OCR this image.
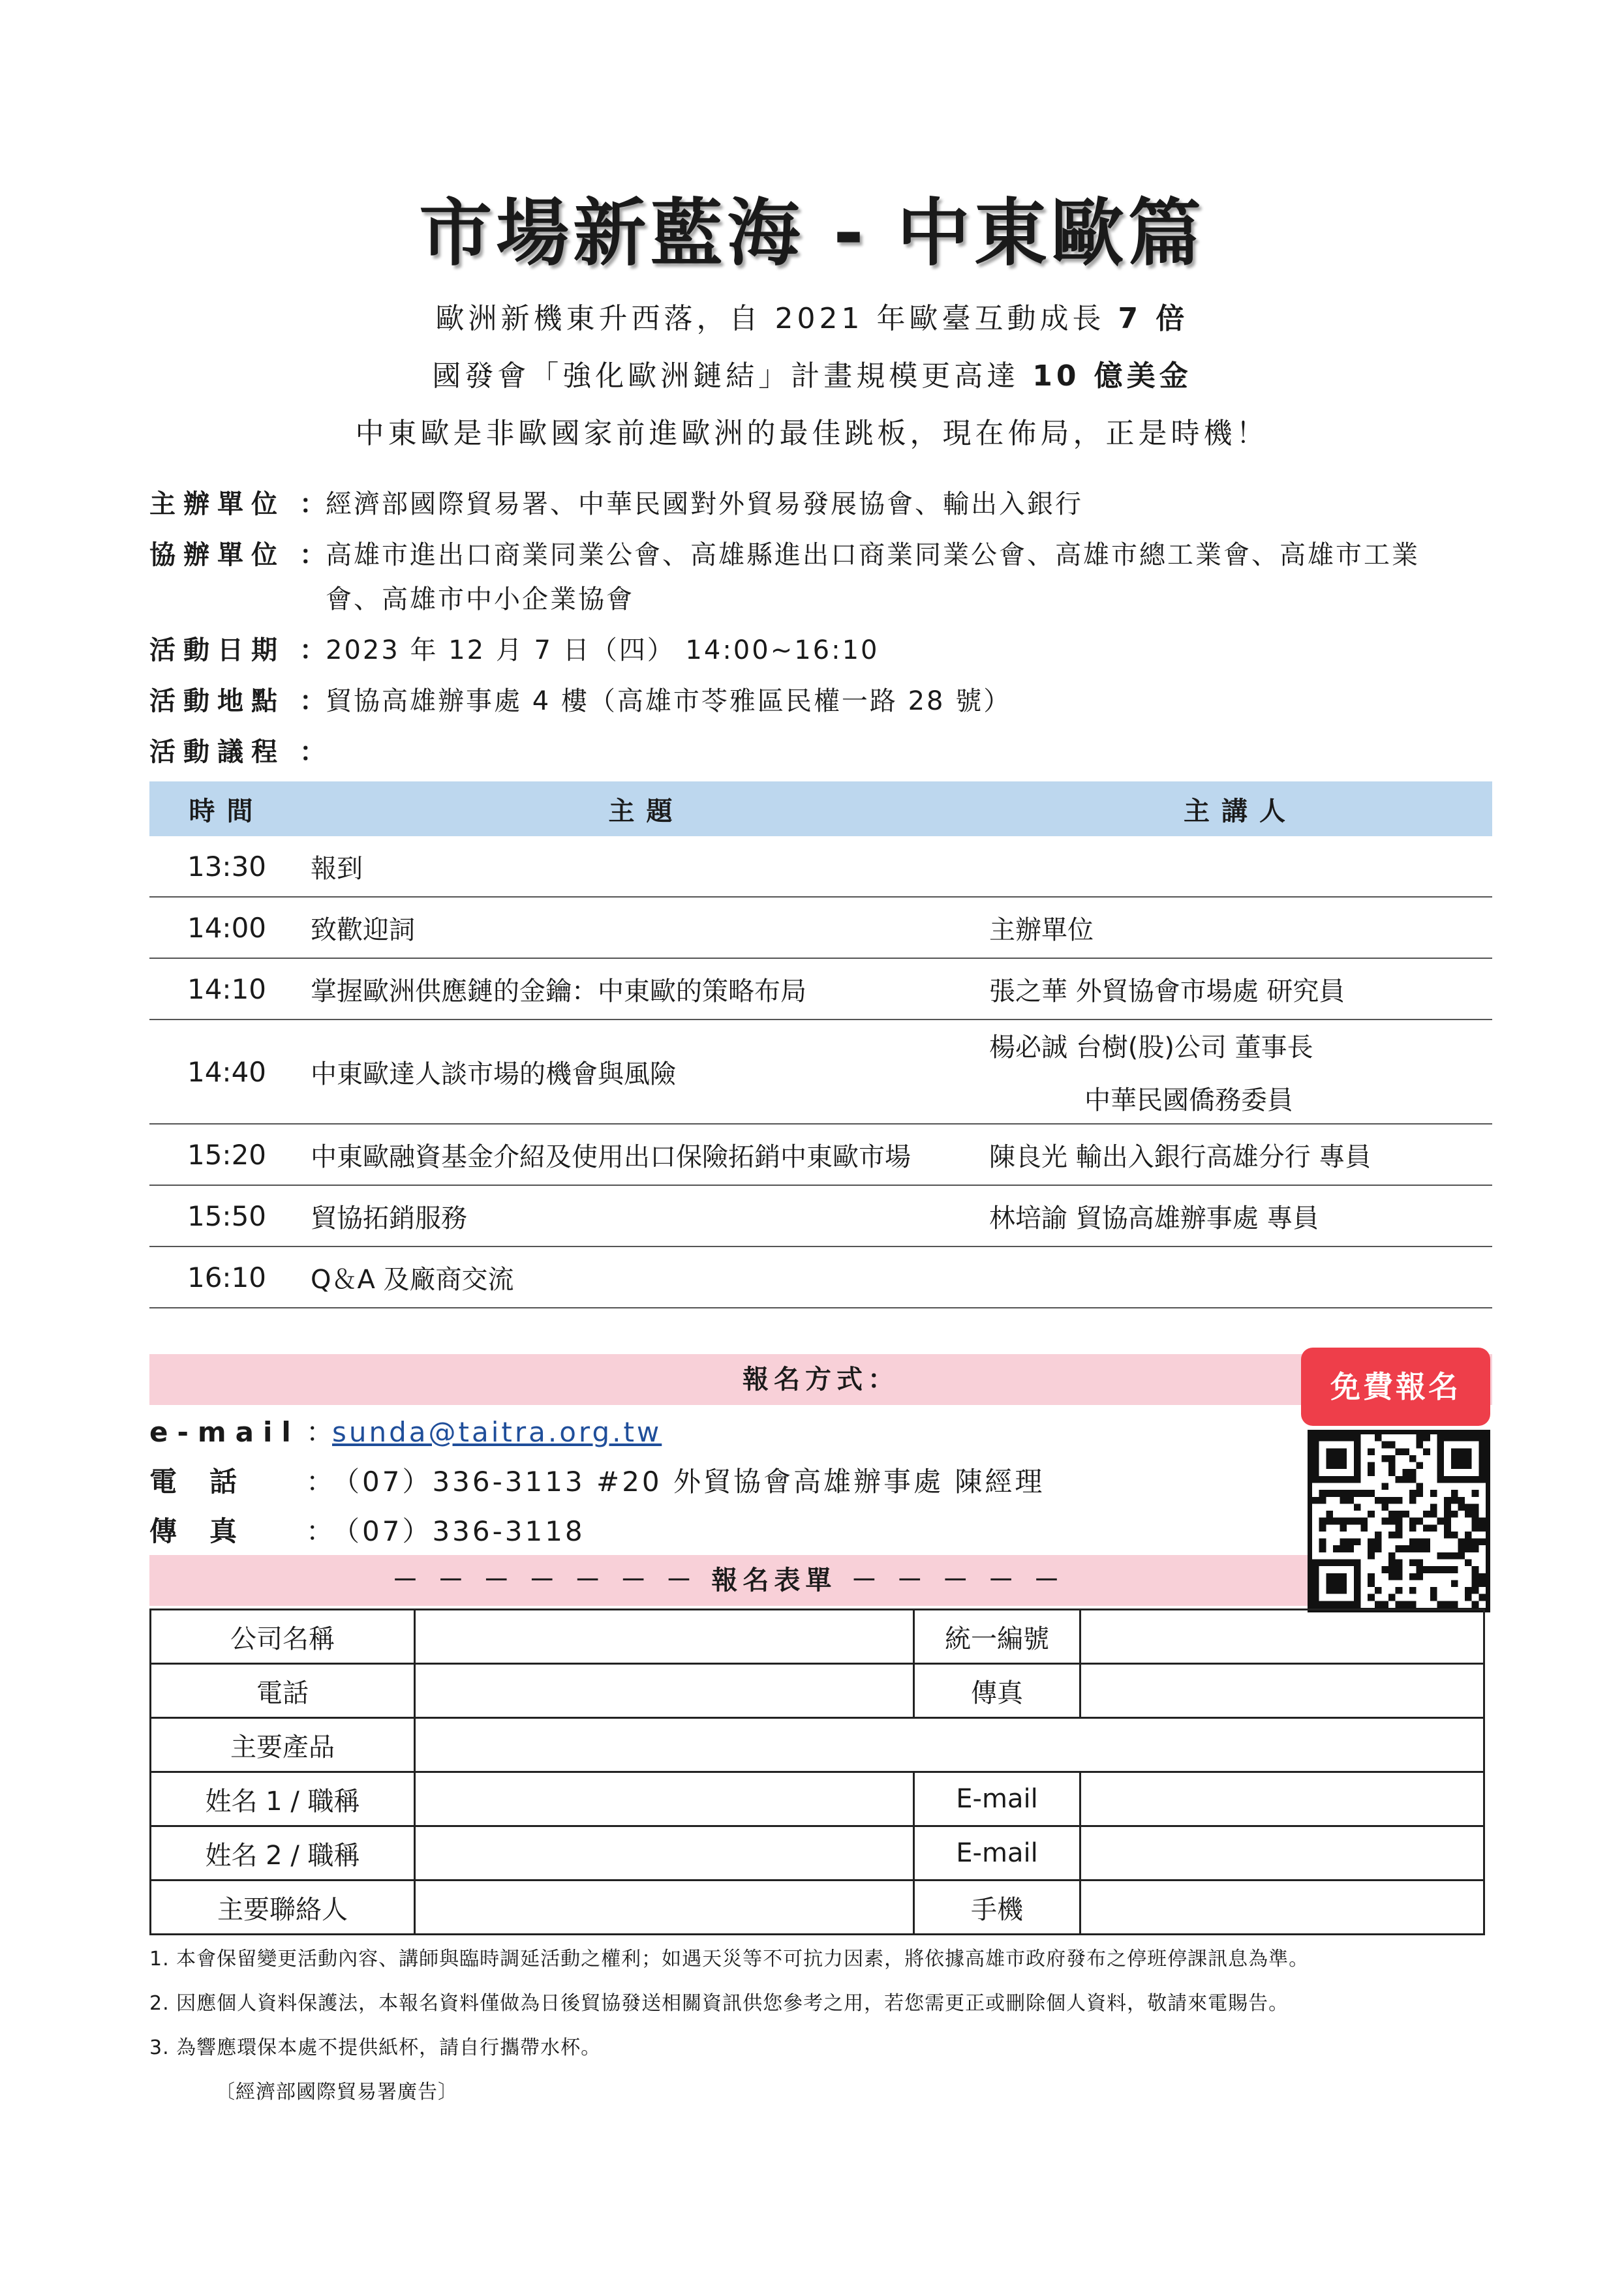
市場新藍海 - 中東歐篇
歐洲新機東升西落，自 2021 年歐臺互動成長 7 倍
國發會「強化歐洲鏈結」計畫規模更高達 10 億美金
中東歐是非歐國家前進歐洲的最佳跳板，現在佈局，正是時機！
主辦單位 ：經濟部國際貿易署、中華民國對外貿易發展協會、輸出入銀行
協辦單位 ：高雄市進出口商業同業公會、高雄縣進出口商業同業公會、高雄市總工業會、高雄市工業
會、高雄市中小企業協會
活動日期 ：2023 年 12 月 7 日（四） 14:00~16:10
活動地點 ：貿協高雄辦事處 4 樓（高雄市苓雅區民權一路 28 號）
活動議程 ：
時間	主題	主講人
13:30	報到	
14:00	致歡迎詞	主辦單位
14:10	掌握歐洲供應鏈的金鑰：中東歐的策略布局	張之華 外貿協會市場處 研究員
14:40	中東歐達人談市場的機會與風險	楊必誠 台樹(股)公司 董事長
中華民國僑務委員

15:20	中東歐融資基金介紹及使用出口保險拓銷中東歐市場	陳良光 輸出入銀行高雄分行 專員
15:50	貿協拓銷服務	林培諭 貿協高雄辦事處 專員
16:10	Q＆A 及廠商交流	
報名方式：	免費報名
e-mail ：sunda@taitra.org.tw
電　話 ：（07）336-3113 #20 外貿協會高雄辦事處 陳經理
傳　真 ：（07）336-3118
－ － － － － － － 報名表單 － － － － －
公司名稱		統一編號	
電話		傳真	
主要產品			
姓名 1 / 職稱		E-mail	
姓名 2 / 職稱		E-mail	
主要聯絡人		手機	
1. 本會保留變更活動內容、講師與臨時調延活動之權利；如遇天災等不可抗力因素，將依據高雄市政府發布之停班停課訊息為準。
2. 因應個人資料保護法，本報名資料僅做為日後貿協發送相關資訊供您參考之用，若您需更正或刪除個人資料，敬請來電賜告。
3. 為響應環保本處不提供紙杯，請自行攜帶水杯。
〔經濟部國際貿易署廣告〕
